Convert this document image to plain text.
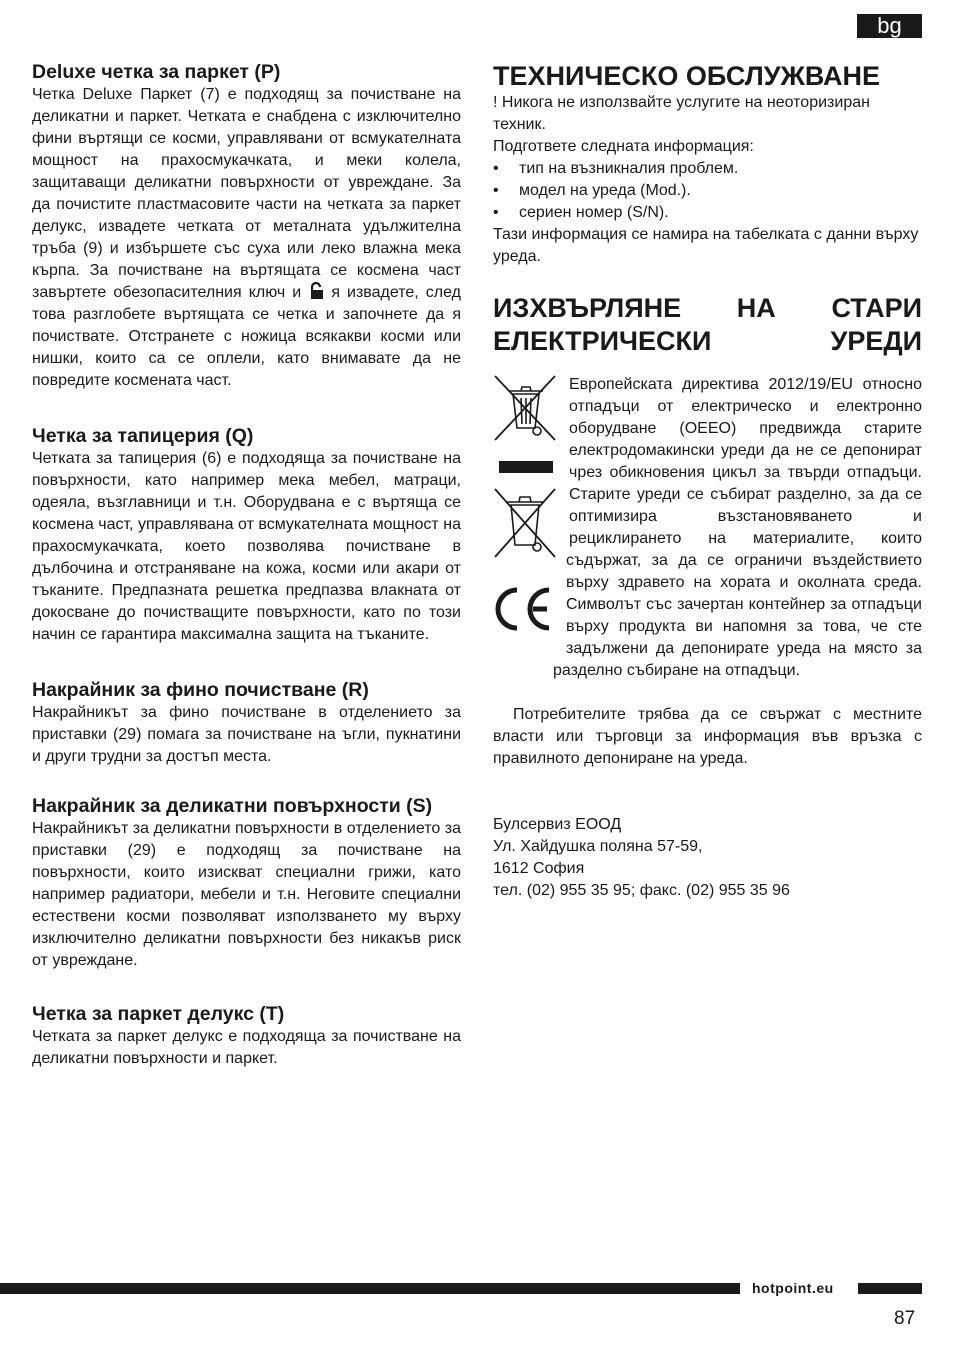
bg
Deluxe четка за паркет (P)

Четка Deluxe Паркет (7) е подходящ за почистване на деликатни и паркет. Четката е снабдена с изключително фини въртящи се косми, управлявани от всмукателната мощност на прахосмукачката, и меки колела, защитаващи деликатни повърхности от увреждане. За да почистите пластмасовите части на четката за паркет делукс, извадете четката от металната удължителна тръба (9) и избършете със суха или леко влажна мека кърпа. За почистване на въртящата се космена част завъртете обезопасителния ключ и я извадете, след това разглобете въртящата се четка и започнете да я почиствате. Отстранете с ножица всякакви косми или нишки, които са се оплели, като внимавате да не повредите косменатa част.

Четка за тапицерия (Q)

Четката за тапицерия (6) е подходяща за почистване на повърхности, като например мека мебел, матраци, одеяла, възглавници и т.н. Оборудвана е с въртяща се космена част, управлявана от всмукателната мощност на прахосмукачката, което позволява почистване в дълбочина и отстраняване на кожа, косми или акари от тъканите. Предпазната решетка предпазва влакната от докосване до почистващите повърхности, като по този начин се гарантира максимална защита на тъканите.

Накрайник за фино почистване (R)

Накрайникът за фино почистване в отделението за приставки (29) помага за почистване на ъгли, пукнатини и други трудни за достъп места.

Накрайник за деликатни повърхности (S)

Накрайникът за деликатни повърхности в отделението за приставки (29) е подходящ за почистване на повърхности, които изискват специални грижи, като например радиатори, мебели и т.н. Неговите специални естествени косми позволяват използването му върху изключително деликатни повърхности без никакъв риск от увреждане.

Четка за паркет делукс (T)

Четката за паркет делукс е подходяща за почистване на деликатни повърхности и паркет.

ТЕХНИЧЕСКО ОБСЛУЖВАНЕ

! Никога не използвайте услугите на неоторизиран техник.

Подгответе следната информация:

• тип на възникналия проблем.
• модел на уреда (Mod.).
• сериен номер (S/N).

Тази информация се намира на табелката с данни върху уреда.

ИЗХВЪРЛЯНЕ НА СТАРИ ЕЛЕКТРИЧЕСКИ УРЕДИ

Европейската директива 2012/19/EU относно отпадъци от електрическо и електронно оборудване (ОЕЕО) предвижда старите електродомакински уреди да не се депонират чрез обикновения цикъл за твърди отпадъци. Старите уреди се събират разделно, за да се оптимизира възстановяването и рециклирането на материалите, които съдържат, за да се ограничи въздействието върху здравето на хората и околната среда. Символът със зачертан контейнер за отпадъци върху продукта ви напомня за това, че сте задължени да депонирате уреда на място за разделно събиране на отпадъци.

Потребителите трябва да се свържат с местните власти или търговци за информация във връзка с правилното депониране на уреда.

Булсервиз ЕООД

Ул. Хайдушка поляна 57-59,

1612 София

тел. (02) 955 35 95; факс. (02) 955 35 96

hotpoint.eu
87
